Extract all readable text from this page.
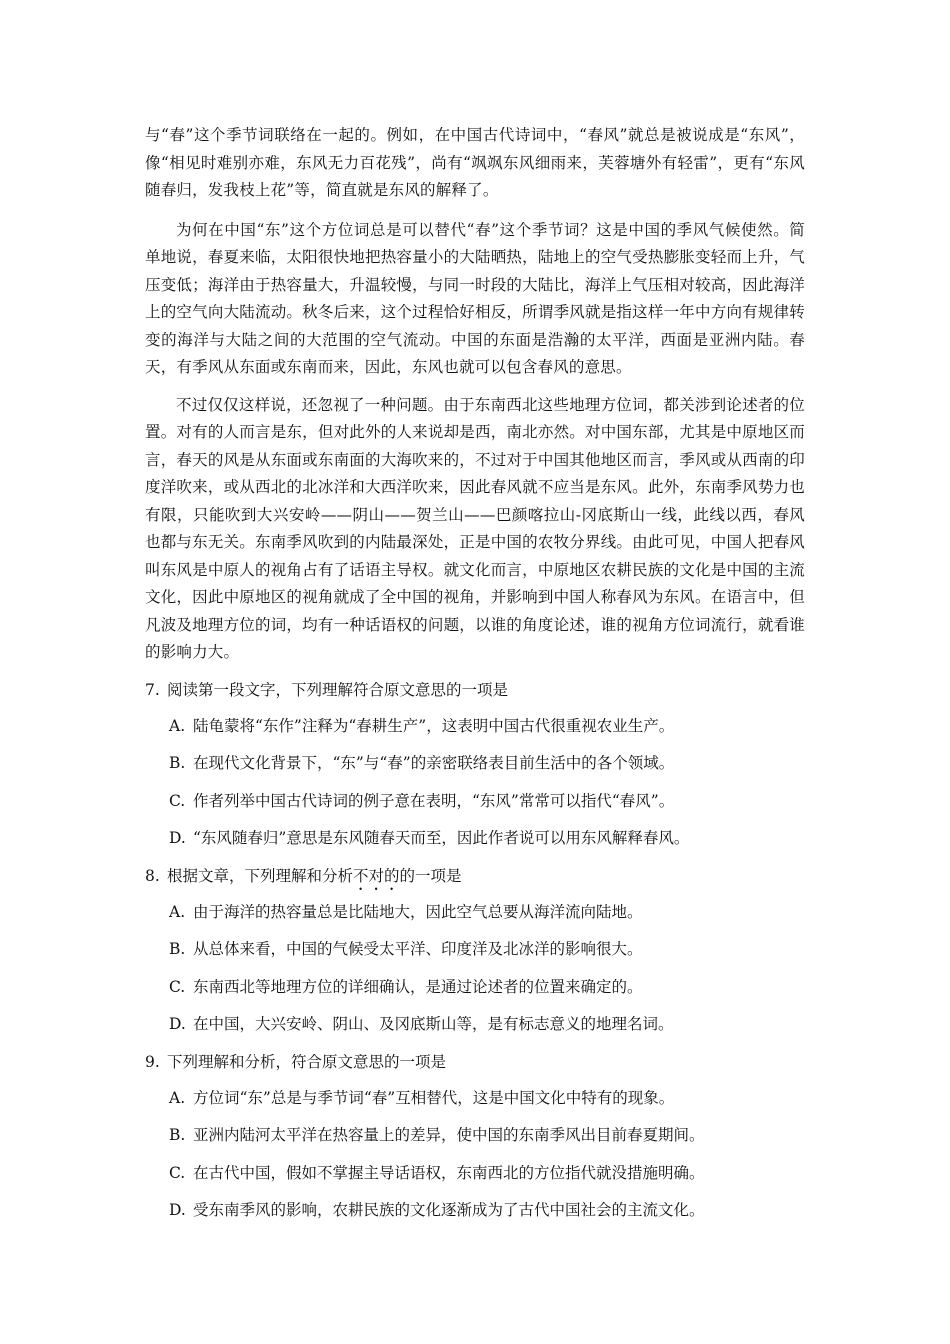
与“春”这个季节词联络在一起的。例如，在中国古代诗词中，“春风”就总是被说成是“东风”，像“相见时难别亦难，东风无力百花残”，尚有“飒飒东风细雨来，芙蓉塘外有轻雷”，更有“东风随春归，发我枝上花”等，简直就是东风的解释了。

为何在中国“东”这个方位词总是可以替代“春”这个季节词？这是中国的季风气候使然。简单地说，春夏来临，太阳很快地把热容量小的大陆晒热，陆地上的空气受热膨胀变轻而上升，气压变低；海洋由于热容量大，升温较慢，与同一时段的大陆比，海洋上气压相对较高，因此海洋上的空气向大陆流动。秋冬后来，这个过程恰好相反，所谓季风就是指这样一年中方向有规律转变的海洋与大陆之间的大范围的空气流动。中国的东面是浩瀚的太平洋，西面是亚洲内陆。春天，有季风从东面或东南而来，因此，东风也就可以包含春风的意思。

不过仅仅这样说，还忽视了一种问题。由于东南西北这些地理方位词，都关涉到论述者的位置。对有的人而言是东，但对此外的人来说却是西，南北亦然。对中国东部，尤其是中原地区而言，春天的风是从东面或东南面的大海吹来的，不过对于中国其他地区而言，季风或从西南的印度洋吹来，或从西北的北冰洋和大西洋吹来，因此春风就不应当是东风。此外，东南季风势力也有限，只能吹到大兴安岭——阴山——贺兰山——巴颜喀拉山-冈底斯山一线，此线以西，春风也都与东无关。东南季风吹到的内陆最深处，正是中国的农牧分界线。由此可见，中国人把春风叫东风是中原人的视角占有了话语主导权。就文化而言，中原地区农耕民族的文化是中国的主流文化，因此中原地区的视角就成了全中国的视角，并影响到中国人称春风为东风。在语言中，但凡波及地理方位的词，均有一种话语权的问题，以谁的角度论述，谁的视角方位词流行，就看谁的影响力大。

7. 阅读第一段文字，下列理解符合原文意思的一项是

A. 陆龟蒙将“东作”注释为“春耕生产”，这表明中国古代很重视农业生产。

B. 在现代文化背景下，“东”与“春”的亲密联络表目前生活中的各个领域。

C. 作者列举中国古代诗词的例子意在表明，“东风”常常可以指代“春风”。

D. “东风随春归”意思是东风随春天而至，因此作者说可以用东风解释春风。

8. 根据文章，下列理解和分析不对的的一项是

A. 由于海洋的热容量总是比陆地大，因此空气总要从海洋流向陆地。

B. 从总体来看，中国的气候受太平洋、印度洋及北冰洋的影响很大。

C. 东南西北等地理方位的详细确认，是通过论述者的位置来确定的。

D. 在中国，大兴安岭、阴山、及冈底斯山等，是有标志意义的地理名词。

9. 下列理解和分析，符合原文意思的一项是

A. 方位词“东”总是与季节词“春”互相替代，这是中国文化中特有的现象。

B. 亚洲内陆河太平洋在热容量上的差异，使中国的东南季风出目前春夏期间。

C. 在古代中国，假如不掌握主导话语权，东南西北的方位指代就没措施明确。

D. 受东南季风的影响，农耕民族的文化逐渐成为了古代中国社会的主流文化。
